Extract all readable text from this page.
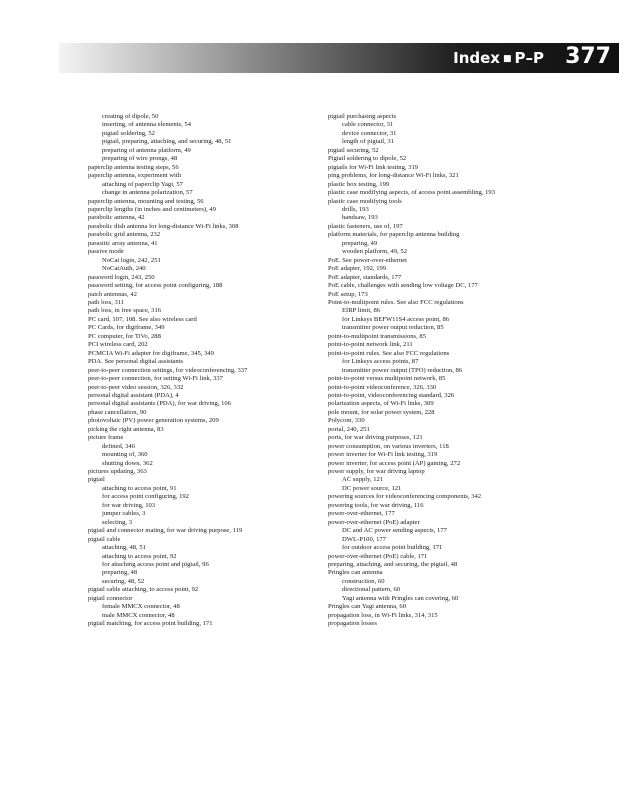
Index ■ P–P 377
creating of dipole, 50
inserting, of antenna elements, 54
pigtail soldering, 52
pigtail, preparing, attaching, and securing, 48, 51
preparing of antenna platform, 49
preparing of wire prongs, 48
paperclip antenna testing steps, 56
paperclip antenna, experiment with
attaching of paperclip Yagi, 57
change in antenna polarization, 57
paperclip antenna, mounting and testing, 56
paperclip lengths (in inches and centimeters), 49
parabolic antenna, 42
parabolic dish antenna for long-distance Wi-Fi links, 308
parabolic grid antenna, 232
parasitic array antenna, 41
passive mode
NoCat login, 242, 251
NoCatAuth, 240
password login, 243, 250
password setting, for access point configuring, 188
patch antennas, 42
path loss, 311
path loss, in free space, 316
PC card, 107, 108. See also wireless card
PC Cards, for digiframe, 349
PC computer, for TiVo, 288
PCI wireless card, 202
PCMCIA Wi-Fi adapter for digiframe, 345, 349
PDA. See personal digital assistants
peer-to-peer connection settings, for videoconferencing, 337
peer-to-peer connection, for setting Wi-Fi link, 337
peer-to-peer video session, 326, 332
personal digital assistant (PDA), 4
personal digital assistants (PDA), for war driving, 106
phase cancellation, 90
photovoltaic (PV) power generation systems, 209
picking the right antenna, 83
picture frame
defined, 346
mounting of, 360
shutting down, 362
pictures updating, 363
pigtail
attaching to access point, 91
for access point configuring, 192
for war driving, 103
jumper cables, 3
selecting, 3
pigtail and connector mating, for war driving purpose, 119
pigtail cable
attaching, 48, 51
attaching to access point, 92
for attaching access point and pigtail, 96
preparing, 48
securing, 48, 52
pigtail cable attaching, to access point, 92
pigtail connector
female MMCX connector, 48
male MMCX connector, 48
pigtail matching, for access point building, 171
pigtail purchasing aspects
cable connector, 31
device connector, 31
length of pigtail, 31
pigtail securing, 52
Pigtail soldering to dipole, 52
pigtails for Wi-Fi link testing, 319
ping problems, for long-distance Wi-Fi links, 321
plastic box testing, 199
plastic case modifying aspects, of access point assembling, 193
plastic case modifying tools
drills, 193
handsaw, 193
plastic fasteners, use of, 197
platform materials, for paperclip antenna building
preparing, 49
wooden platform, 49, 52
PoE. See power-over-ethernet
PoE adapter, 192, 199
PoE adapter, standards, 177
PoE cable, challenges with sending low voltage DC, 177
PoE setup, 173
Point-to-multipoint rules. See also FCC regulations
EIRP limit, 86
for Linksys BEFW11S4 access point, 86
transmitter power output reduction, 85
point-to-multipoint transmissions, 85
point-to-point network link, 211
point-to-point rules. See also FCC regulations
for Linksys access points, 87
transmitter power output (TPO) reduction, 86
point-to-point versus multipoint network, 85
point-to-point videoconference, 326, 330
point-to-point, videoconferencing standard, 326
polarization aspects, of Wi-Fi links, 309
pole mount, for solar power system, 228
Polycom, 330
portal, 240, 251
ports, for war driving purposes, 121
power consumption, on various inverters, 118
power inverter for Wi-Fi link testing, 319
power inverter, for access point (AP) gaming, 272
power supply, for war driving laptop
AC supply, 121
DC power source, 121
powering sources for videoconferencing components, 342
powering tools, for war driving, 116
power-over-ethernet, 177
power-over-ethernet (PoE) adapter
DC and AC power sending aspects, 177
DWL-P100, 177
for outdoor access point building, 171
power-over-ethernet (PoE) cable, 171
preparing, attaching, and securing, the pigtail, 48
Pringles can antenna
construction, 60
directional pattern, 60
Yagi antenna with Pringles can covering, 60
Pringles can Yagi antenna, 60
propagation loss, in Wi-Fi links, 314, 315
propagation losses
